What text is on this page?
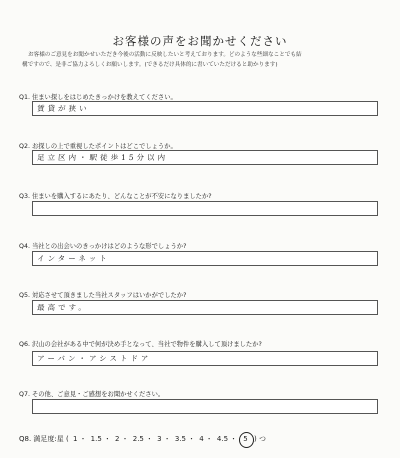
お客様の声をお聞かせください

お客様のご意見をお聞かせいただき今後の活動に反映したいと考えております。どのような些細なことでも結

構ですので、是非ご協力よろしくお願いします。(できるだけ具体的に書いていただけると助かります)

Q1. 住まい探しをはじめたきっかけを教えてください。
賃貸が狭い
Q2. お探しの上で重視したポイントはどこでしょうか。
足立区内・駅徒歩15分以内
Q3. 住まいを購入するにあたり、どんなことが不安になりましたか?
Q4. 当社との出会いのきっかけはどのような形でしょうか?
インターネット
Q5. 対応させて頂きました当社スタッフはいかがでしたか?
最高です。
Q6. 沢山の会社がある中で何が決め手となって、当社で物件を購入して頂けましたか?
アーバン・アシストドア
Q7. その他、ご意見・ご感想をお聞かせください。
Q8. 満足度:星 ( 1 ・ 1.5 ・ 2 ・ 2.5 ・ 3 ・ 3.5 ・ 4 ・ 4.5 ・ 5 ) つ
